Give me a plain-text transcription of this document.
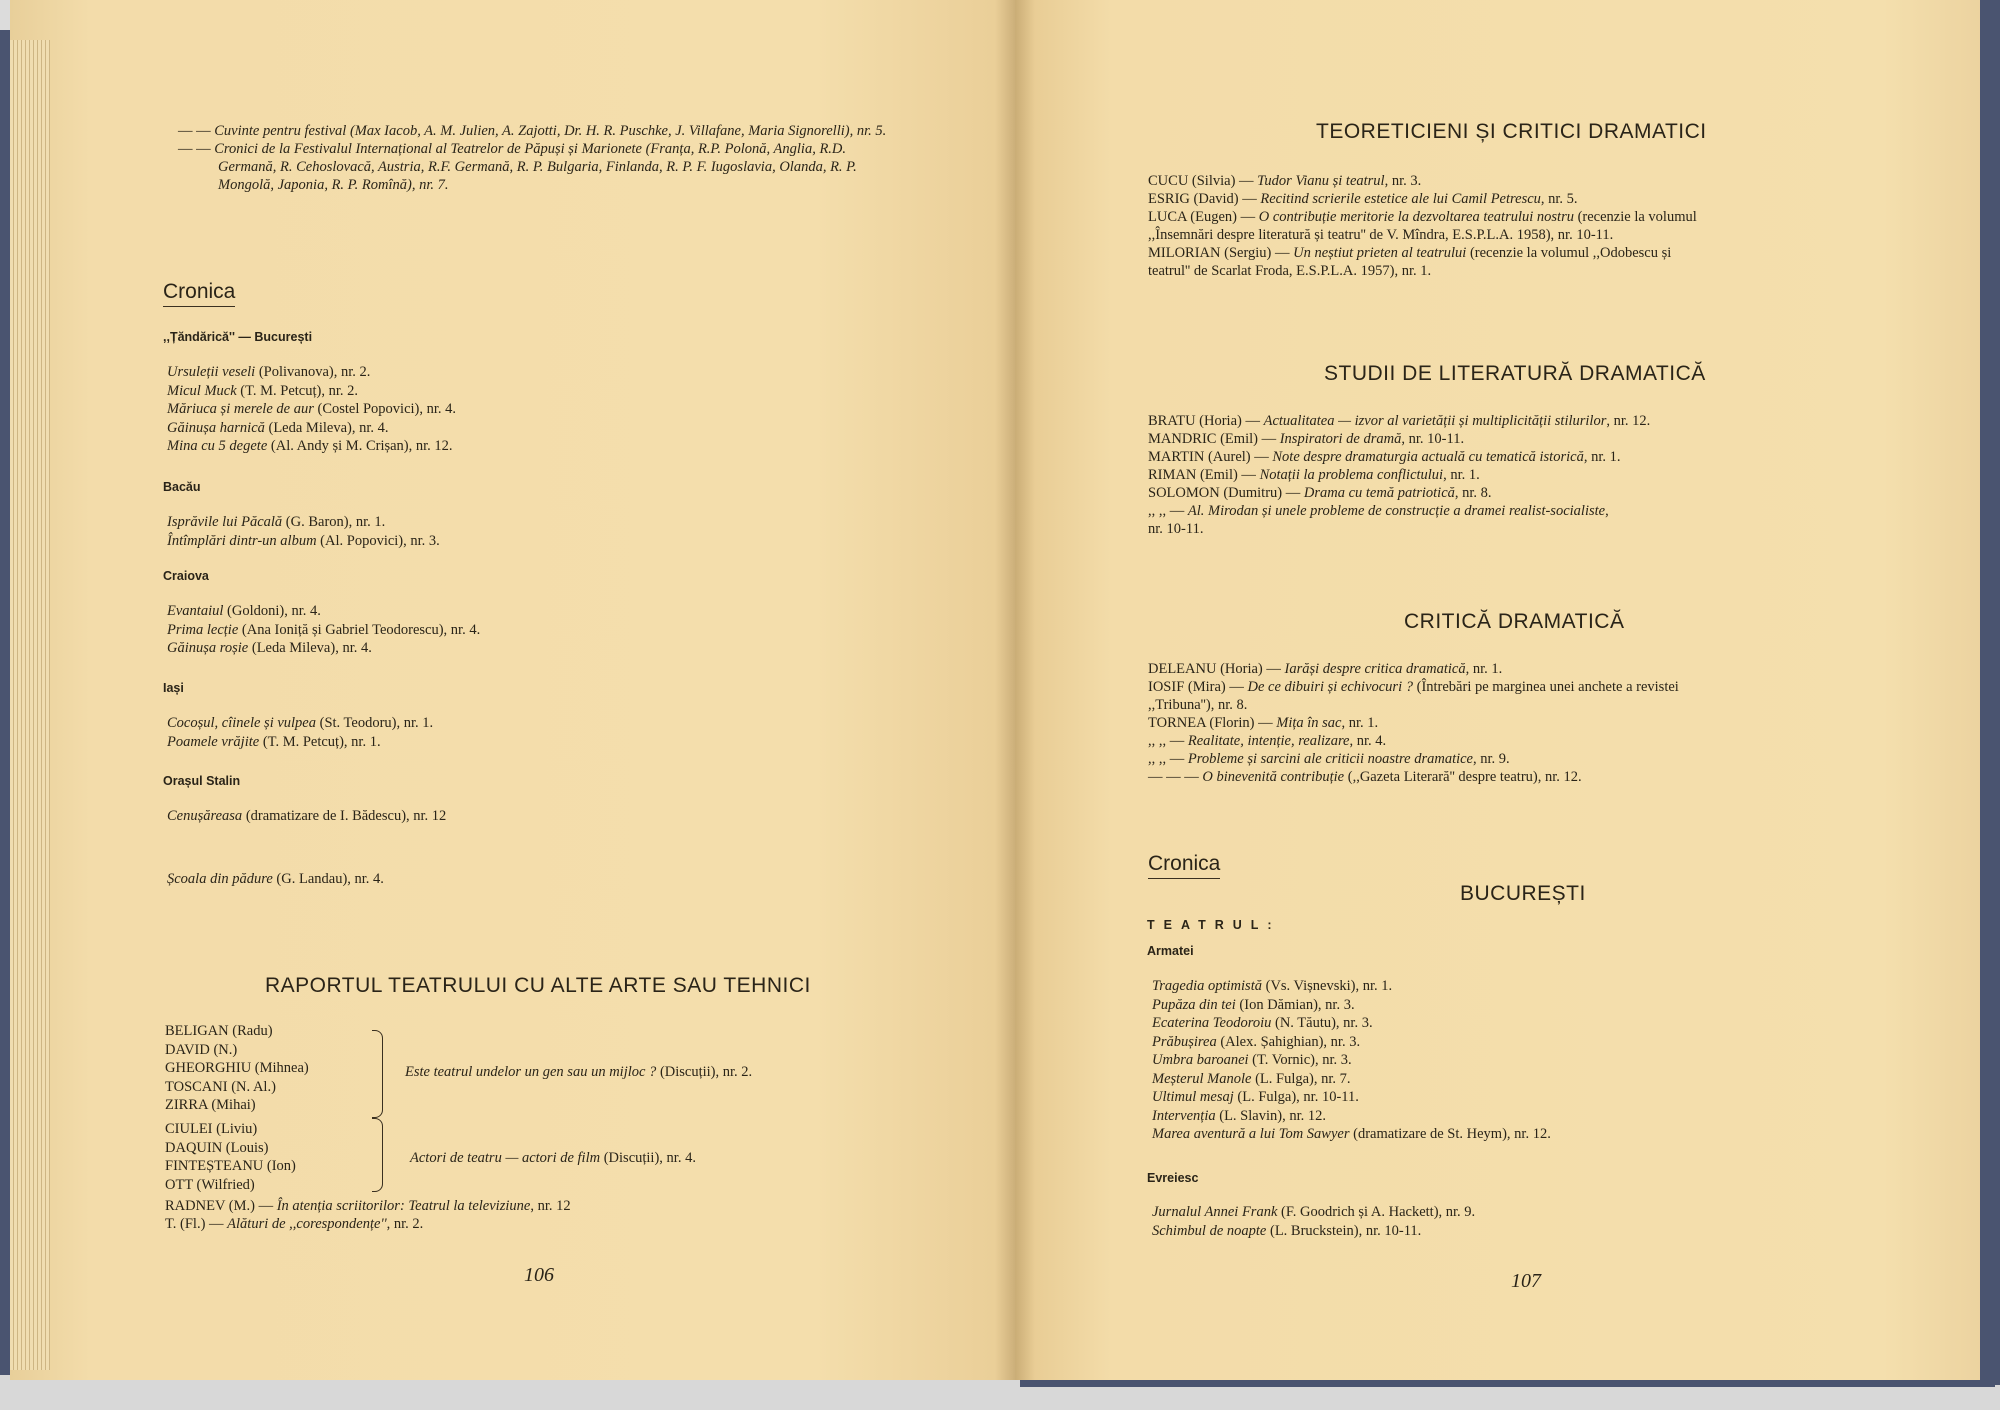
— — Cuvinte pentru festival (Max Iacob, A. M. Julien, A. Zajotti, Dr. H. R. Puschke, J. Villafane, Maria Signorelli), nr. 5.
— — Cronici de la Festivalul Internațional al Teatrelor de Păpuși și Marionete (Franța, R.P. Polonă, Anglia, R.D. Germană, R. Cehoslovacă, Austria, R.F. Germană, R. P. Bulgaria, Finlanda, R. P. F. Iugoslavia, Olanda, R. P. Mongolă, Japonia, R. P. Romînă), nr. 7.
Cronica
,,Țăndărică'' — București
Ursuleții veseli (Polivanova), nr. 2.
Micul Muck (T. M. Petcuț), nr. 2.
Măriuca și merele de aur (Costel Popovici), nr. 4.
Găinușa harnică (Leda Mileva), nr. 4.
Mina cu 5 degete (Al. Andy și M. Crișan), nr. 12.
Bacău
Isprăvile lui Păcală (G. Baron), nr. 1.
Întîmplări dintr-un album (Al. Popovici), nr. 3.
Craiova
Evantaiul (Goldoni), nr. 4.
Prima lecție (Ana Ioniță și Gabriel Teodorescu), nr. 4.
Găinușa roșie (Leda Mileva), nr. 4.
Iași
Cocoșul, cîinele și vulpea (St. Teodoru), nr. 1.
Poamele vrăjite (T. M. Petcuț), nr. 1.
Orașul Stalin
Cenușăreasa (dramatizare de I. Bădescu), nr. 12
Școala din pădure (G. Landau), nr. 4.
RAPORTUL TEATRULUI CU ALTE ARTE SAU TEHNICI
BELIGAN (Radu)
DAVID (N.)
GHEORGHIU (Mihnea)
TOSCANI (N. Al.)
ZIRRA (Mihai)
Este teatrul undelor un gen sau un mijloc ? (Discuții), nr. 2.
CIULEI (Liviu)
DAQUIN (Louis)
FINTEȘTEANU (Ion)
OTT (Wilfried)
Actori de teatru — actori de film (Discuții), nr. 4.
RADNEV (M.) — În atenția scriitorilor: Teatrul la televiziune, nr. 12
T. (Fl.) — Alături de ,,corespondențe'', nr. 2.
106
TEORETICIENI ȘI CRITICI DRAMATICI
CUCU (Silvia) — Tudor Vianu și teatrul, nr. 3.
ESRIG (David) — Recitind scrierile estetice ale lui Camil Petrescu, nr. 5.
LUCA (Eugen) — O contribuție meritorie la dezvoltarea teatrului nostru (recenzie la volumul
,,Însemnări despre literatură și teatru'' de V. Mîndra, E.S.P.L.A. 1958), nr. 10-11.
MILORIAN (Sergiu) — Un neștiut prieten al teatrului (recenzie la volumul ,,Odobescu și
teatrul'' de Scarlat Froda, E.S.P.L.A. 1957), nr. 1.
STUDII DE LITERATURĂ DRAMATICĂ
BRATU (Horia) — Actualitatea — izvor al varietății și multiplicității stilurilor, nr. 12.
MANDRIC (Emil) — Inspiratori de dramă, nr. 10-11.
MARTIN (Aurel) — Note despre dramaturgia actuală cu tematică istorică, nr. 1.
RIMAN (Emil) — Notații la problema conflictului, nr. 1.
SOLOMON (Dumitru) — Drama cu temă patriotică, nr. 8.
,, ,, — Al. Mirodan și unele probleme de construcție a dramei realist-socialiste,
nr. 10-11.
CRITICĂ DRAMATICĂ
DELEANU (Horia) — Iarăși despre critica dramatică, nr. 1.
IOSIF (Mira) — De ce dibuiri și echivocuri ? (Întrebări pe marginea unei anchete a revistei
,,Tribuna''), nr. 8.
TORNEA (Florin) — Mița în sac, nr. 1.
,, ,, — Realitate, intenție, realizare, nr. 4.
,, ,, — Probleme și sarcini ale criticii noastre dramatice, nr. 9.
— — — O binevenită contribuție (,,Gazeta Literară'' despre teatru), nr. 12.
Cronica
BUCUREȘTI
TEATRUL:
Armatei
Tragedia optimistă (Vs. Vișnevski), nr. 1.
Pupăza din tei (Ion Dămian), nr. 3.
Ecaterina Teodoroiu (N. Tăutu), nr. 3.
Prăbușirea (Alex. Șahighian), nr. 3.
Umbra baroanei (T. Vornic), nr. 3.
Meșterul Manole (L. Fulga), nr. 7.
Ultimul mesaj (L. Fulga), nr. 10-11.
Intervenția (L. Slavin), nr. 12.
Marea aventură a lui Tom Sawyer (dramatizare de St. Heym), nr. 12.
Evreiesc
Jurnalul Annei Frank (F. Goodrich și A. Hackett), nr. 9.
Schimbul de noapte (L. Bruckstein), nr. 10-11.
107
